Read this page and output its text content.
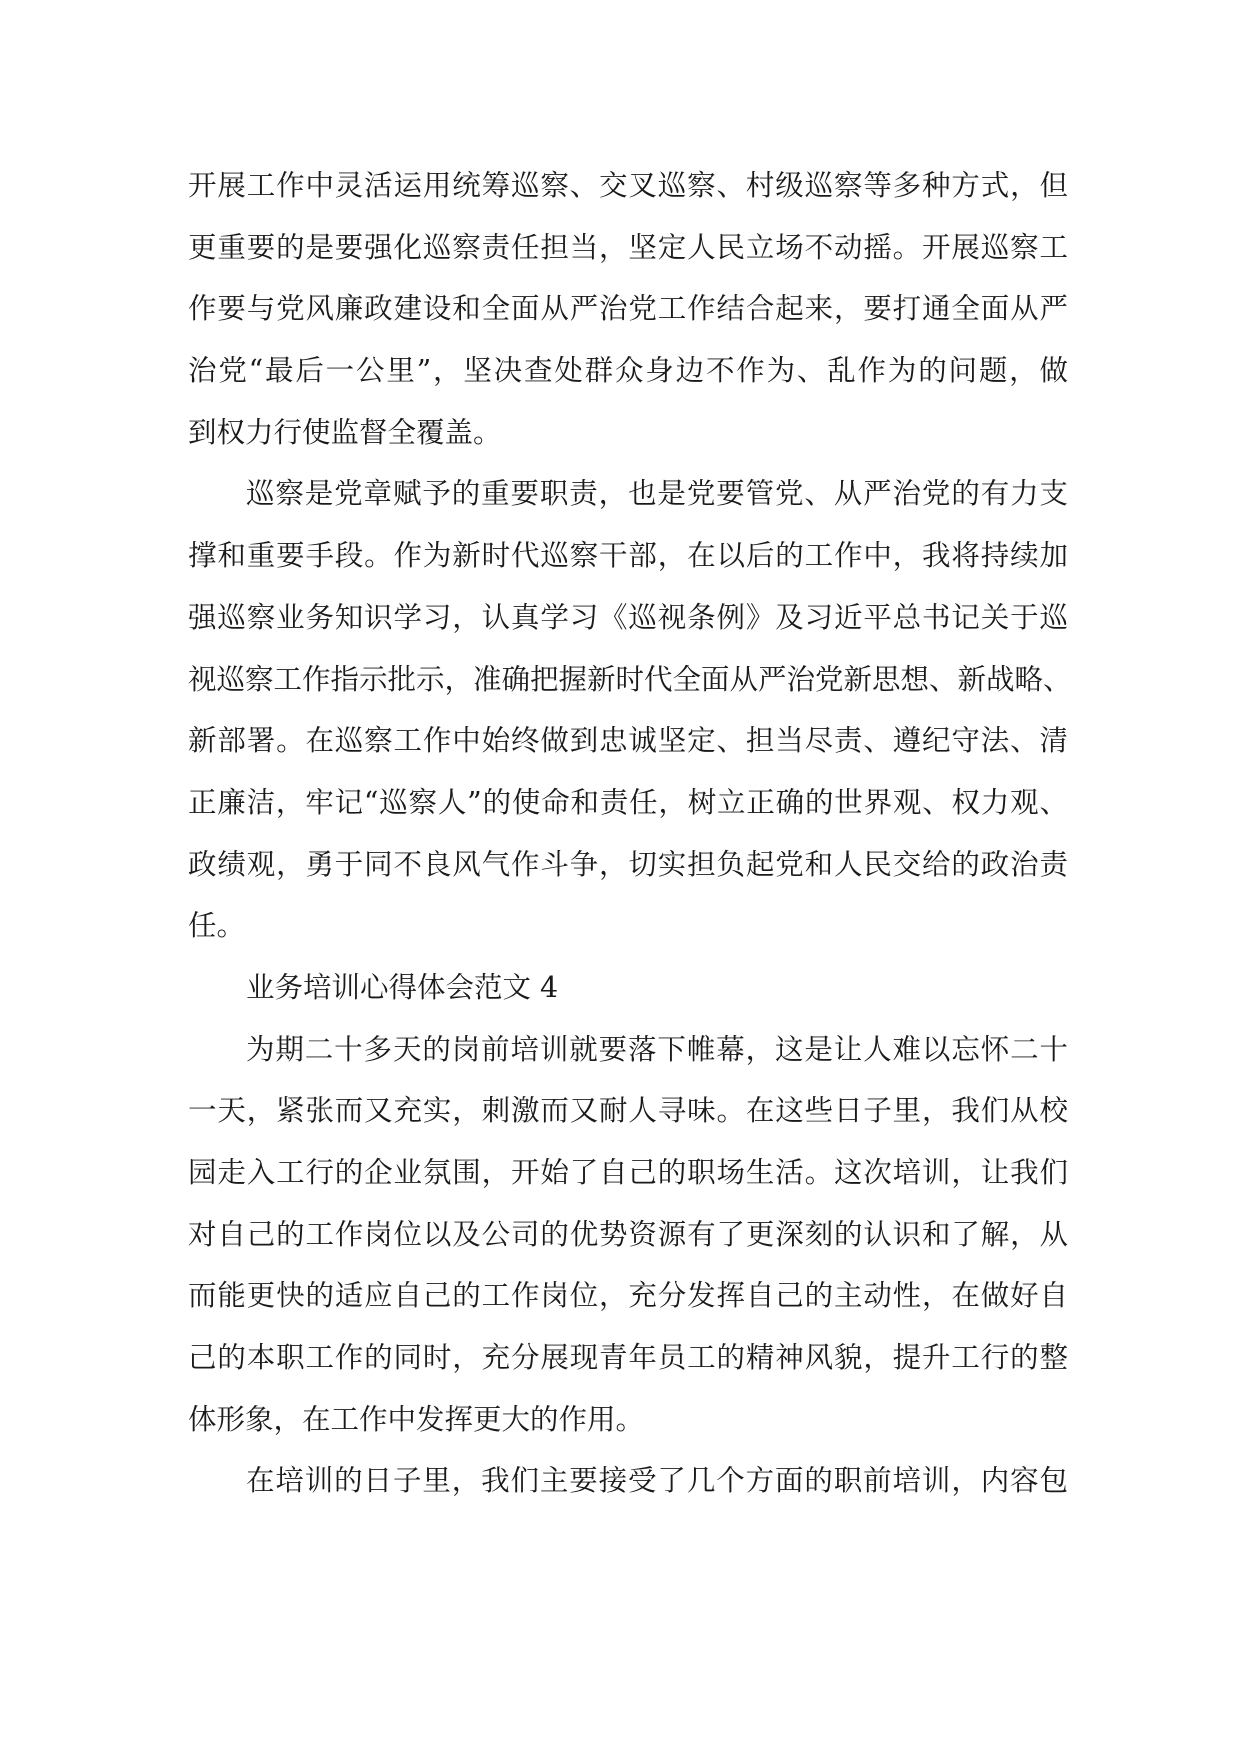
开展工作中灵活运用统筹巡察、交叉巡察、村级巡察等多种方式，但
更重要的是要强化巡察责任担当，坚定人民立场不动摇。开展巡察工
作要与党风廉政建设和全面从严治党工作结合起来，要打通全面从严
治党“最后一公里”，坚决查处群众身边不作为、乱作为的问题，做
到权力行使监督全覆盖。
巡察是党章赋予的重要职责，也是党要管党、从严治党的有力支
撑和重要手段。作为新时代巡察干部，在以后的工作中，我将持续加
强巡察业务知识学习，认真学习《巡视条例》及习近平总书记关于巡
视巡察工作指示批示，准确把握新时代全面从严治党新思想、新战略、
新部署。在巡察工作中始终做到忠诚坚定、担当尽责、遵纪守法、清
正廉洁，牢记“巡察人”的使命和责任，树立正确的世界观、权力观、
政绩观，勇于同不良风气作斗争，切实担负起党和人民交给的政治责
任。
业务培训心得体会范文 4
为期二十多天的岗前培训就要落下帷幕，这是让人难以忘怀二十
一天，紧张而又充实，刺激而又耐人寻味。在这些日子里，我们从校
园走入工行的企业氛围，开始了自己的职场生活。这次培训，让我们
对自己的工作岗位以及公司的优势资源有了更深刻的认识和了解，从
而能更快的适应自己的工作岗位，充分发挥自己的主动性，在做好自
己的本职工作的同时，充分展现青年员工的精神风貌，提升工行的整
体形象，在工作中发挥更大的作用。
在培训的日子里，我们主要接受了几个方面的职前培训，内容包
